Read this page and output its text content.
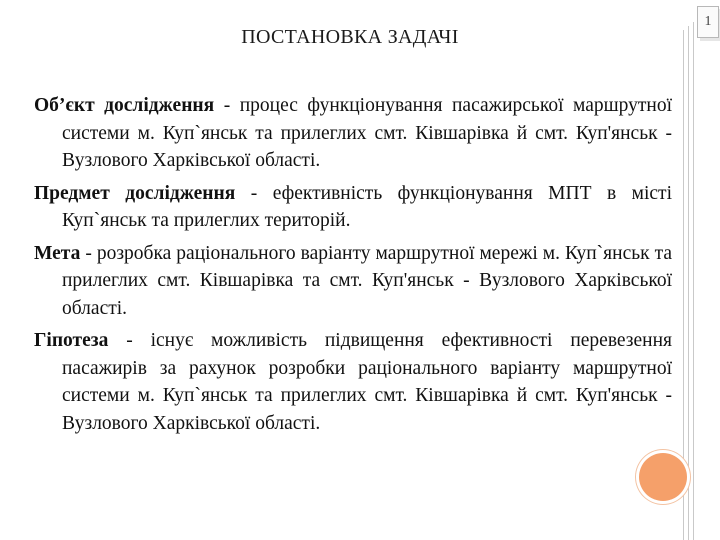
1
ПОСТАНОВКА ЗАДАЧІ

Об’єкт дослідження - процес функціонування пасажирської маршрутної системи м. Куп`янськ та прилеглих смт. Ківшарівка й смт. Куп'янськ - Вузлового Харківської області.

Предмет дослідження - ефективність функціонування МПТ в місті Куп`янськ та прилеглих територій.

Мета - розробка раціонального варіанту маршрутної мережі м. Куп`янськ та прилеглих смт. Ківшарівка та смт. Куп'янськ - Вузлового Харківської області.

Гіпотеза - існує можливість підвищення ефективності перевезення пасажирів за рахунок розробки раціонального варіанту маршрутної системи м. Куп`янськ та прилеглих смт. Ківшарівка й смт. Куп'янськ - Вузлового Харківської області.
